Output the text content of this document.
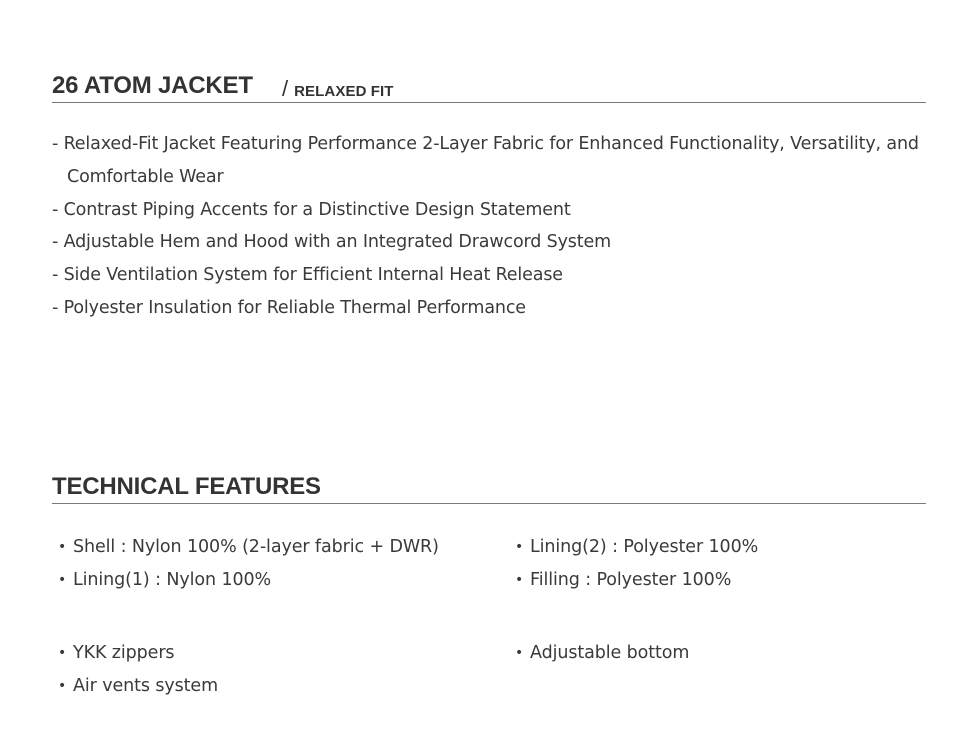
26 ATOM JACKET / RELAXED FIT
- Relaxed-Fit Jacket Featuring Performance 2-Layer Fabric for Enhanced Functionality, Versatility, and Comfortable Wear
- Contrast Piping Accents for a Distinctive Design Statement
- Adjustable Hem and Hood with an Integrated Drawcord System
- Side Ventilation System for Efficient Internal Heat Release
- Polyester Insulation for Reliable Thermal Performance
TECHNICAL FEATURES
• Shell : Nylon 100% (2-layer fabric + DWR)
• Lining(1) : Nylon 100%
• Lining(2) : Polyester 100%
• Filling : Polyester 100%
• YKK zippers
• Air vents system
• Adjustable bottom
